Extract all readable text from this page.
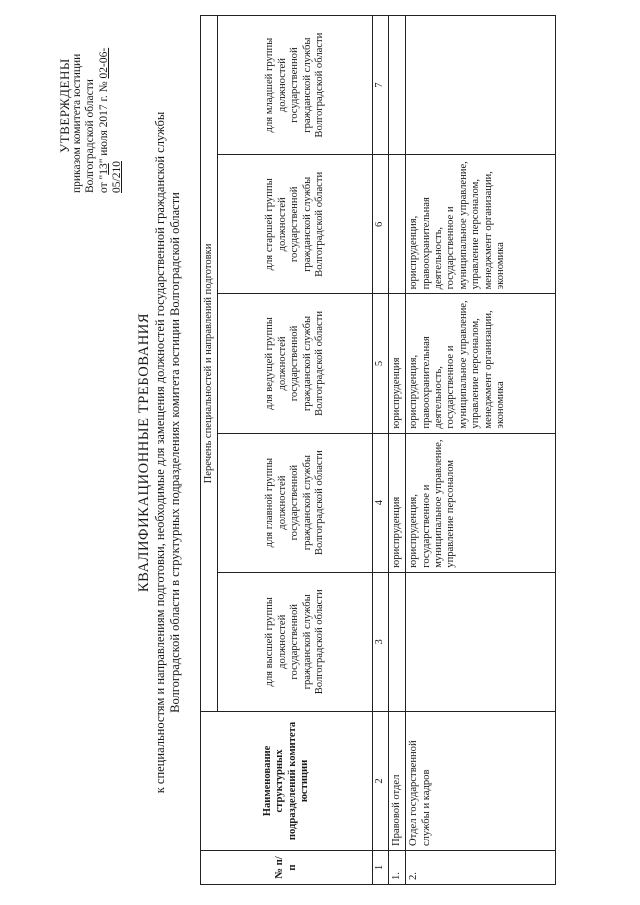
УТВЕРЖДЕНЫ приказом комитета юстиции Волгоградской области от "13" июля 2017 г. № 02-06-05/210
КВАЛИФИКАЦИОННЫЕ ТРЕБОВАНИЯ к специальностям и направлениям подготовки, необходимые для замещения должностей государственной гражданской службы Волгоградской области в структурных подразделениях комитета юстиции Волгоградской области
№ п/п	Наименование структурных подразделений комитета юстиции	Перечень специальностей и направлений подготовки				
		для высшей группы должностей государственной гражданской службы Волгоградской области	для главной группы должностей государственной гражданской службы Волгоградской области	для ведущей группы должностей государственной гражданской службы Волгоградской области	для старшей группы должностей государственной гражданской службы Волгоградской области	для младшей группы должностей государственной гражданской службы Волгоградской области
1	2	3	4	5	6	7
1.	Правовой отдел		юриспруденция	юриспруденция		
2.	Отдел государственной службы и кадров		юриспруденция, государственное и муниципальное управление, управление персоналом	юриспруденция, правоохранительная деятельность, государственное и муниципальное управление, управление персоналом, менеджмент организации, экономика	юриспруденция, правоохранительная деятельность, государственное и муниципальное управление, управление персоналом, менеджмент организации, экономика	
